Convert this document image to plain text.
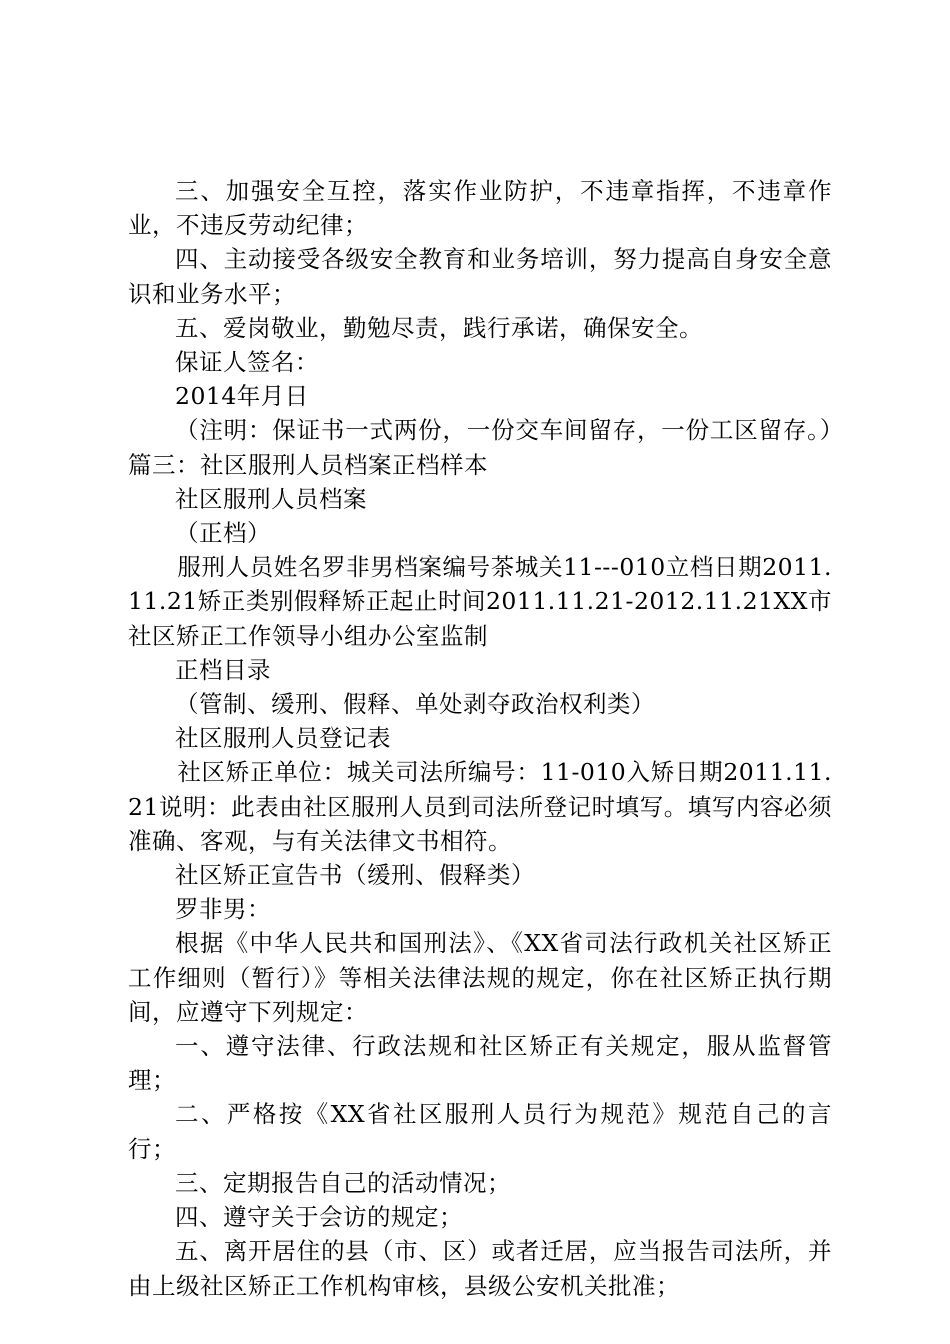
三、加强安全互控，落实作业防护，不违章指挥，不违章作业，不违反劳动纪律；

四、主动接受各级安全教育和业务培训，努力提高自身安全意识和业务水平；

五、爱岗敬业，勤勉尽责，践行承诺，确保安全。

保证人签名：

2014年月日

（注明：保证书一式两份，一份交车间留存，一份工区留存。）篇三：社区服刑人员档案正档样本

社区服刑人员档案

（正档）

服刑人员姓名罗非男档案编号茶城关11---010立档日期2011.11.21矫正类别假释矫正起止时间2011.11.21-2012.11.21XX市社区矫正工作领导小组办公室监制

正档目录

（管制、缓刑、假释、单处剥夺政治权利类）

社区服刑人员登记表

社区矫正单位：城关司法所编号：11-010入矫日期2011.11.21说明：此表由社区服刑人员到司法所登记时填写。填写内容必须准确、客观，与有关法律文书相符。

社区矫正宣告书（缓刑、假释类）

罗非男：

根据《中华人民共和国刑法》、《XX省司法行政机关社区矫正工作细则（暂行）》等相关法律法规的规定，你在社区矫正执行期间，应遵守下列规定：

一、遵守法律、行政法规和社区矫正有关规定，服从监督管理；

二、严格按《XX省社区服刑人员行为规范》规范自己的言行；

三、定期报告自己的活动情况；

四、遵守关于会访的规定；

五、离开居住的县（市、区）或者迁居，应当报告司法所，并由上级社区矫正工作机构审核，县级公安机关批准；
